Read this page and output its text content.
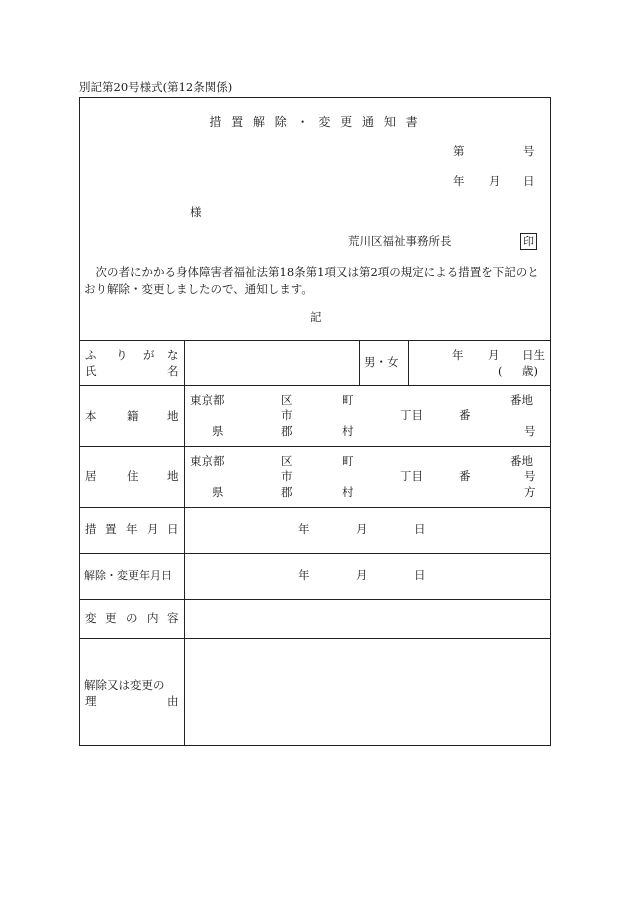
別記第20号様式(第12条関係)
措 置 解 除 ・ 変 更 通 知 書
第	号
年 月 日
様
荒川区福祉事務所長	印
次の者にかかる身体障害者福祉法第18条第1項又は第2項の規定による措置を下記のとおり解除・変更しましたので、通知します。
記
ふ り が な
氏	名
男・女	年 月 日生
( 歳)
本	籍 地
東京都	区	町	番地
市	丁目	番
県	郡	村	号
居	住 地
東京都	区	町	番地
市	丁目	番	号
県	郡	村	方
措 置 年 月 日	年	月	日
解除・変更年月日	年	月	日
変 更 の 内 容
解除又は変更の
理	由
